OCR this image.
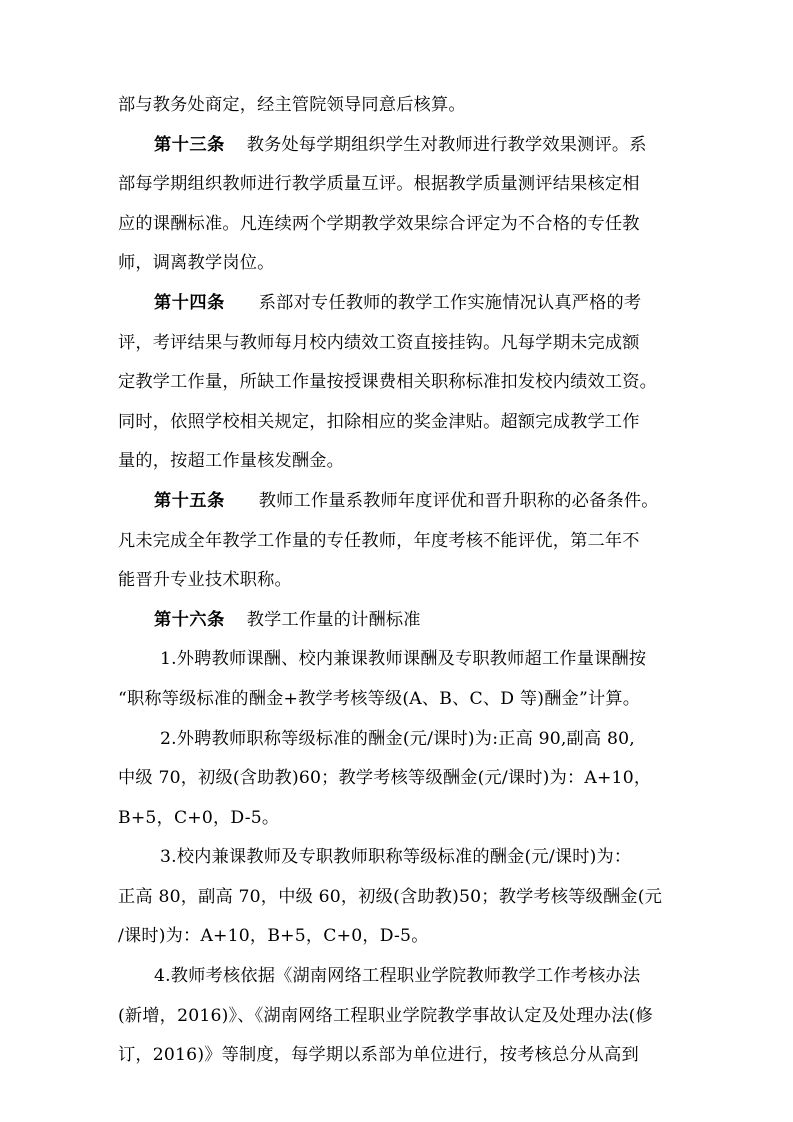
部与教务处商定，经主管院领导同意后核算。
第十三条 教务处每学期组织学生对教师进行教学效果测评。系
部每学期组织教师进行教学质量互评。根据教学质量测评结果核定相
应的课酬标准。凡连续两个学期教学效果综合评定为不合格的专任教
师，调离教学岗位。
第十四条 系部对专任教师的教学工作实施情况认真严格的考
评，考评结果与教师每月校内绩效工资直接挂钩。凡每学期未完成额
定教学工作量，所缺工作量按授课费相关职称标准扣发校内绩效工资。
同时，依照学校相关规定，扣除相应的奖金津贴。超额完成教学工作
量的，按超工作量核发酬金。
第十五条 教师工作量系教师年度评优和晋升职称的必备条件。
凡未完成全年教学工作量的专任教师，年度考核不能评优，第二年不
能晋升专业技术职称。
第十六条 教学工作量的计酬标准
1.外聘教师课酬、校内兼课教师课酬及专职教师超工作量课酬按
“职称等级标准的酬金+教学考核等级(A、B、C、D 等)酬金”计算。
2.外聘教师职称等级标准的酬金(元/课时)为:正高 90,副高 80,
中级 70，初级(含助教)60；教学考核等级酬金(元/课时)为：A+10，
B+5，C+0，D-5。
3.校内兼课教师及专职教师职称等级标准的酬金(元/课时)为：
正高 80，副高 70，中级 60，初级(含助教)50；教学考核等级酬金(元
/课时)为：A+10，B+5，C+0，D-5。
4.教师考核依据《湖南网络工程职业学院教师教学工作考核办法
(新增，2016)》、《湖南网络工程职业学院教学事故认定及处理办法(修
订，2016)》等制度，每学期以系部为单位进行，按考核总分从高到
